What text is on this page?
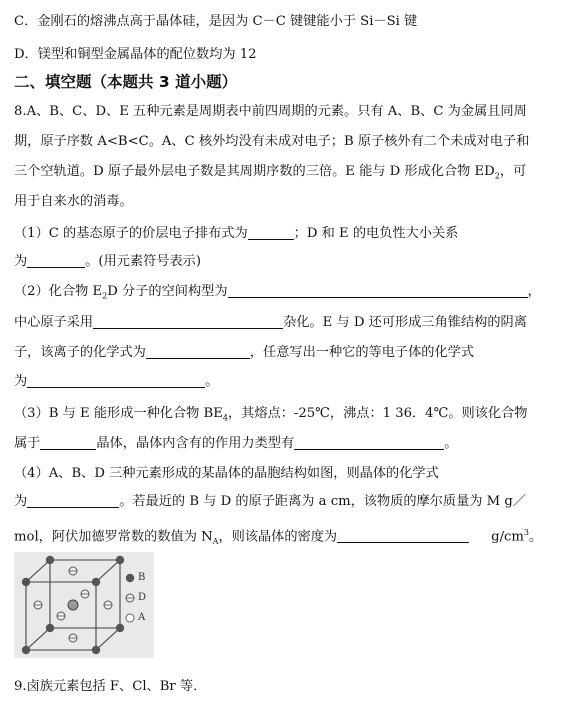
C．金刚石的熔沸点高于晶体硅，是因为 C－C 键键能小于 Si－Si 键
D．镁型和铜型金属晶体的配位数均为 12
二、填空题（本题共 3 道小题）
8.A、B、C、D、E 五种元素是周期表中前四周期的元素。只有 A、B、C 为金属且同周
期，原子序数 A<B<C。A、C 核外均没有未成对电子；B 原子核外有二个未成对电子和
三个空轨道。D 原子最外层电子数是其周期序数的三倍。E 能与 D 形成化合物 $ED_2$，可
用于自来水的消毒。
（1）C 的基态原子的价层电子排布式为	；D 和 E 的电负性大小关系
为	。(用元素符号表示)
（2）化合物 $E_2D$ 分子的空间构型为	，
中心原子采用	杂化。E 与 D 还可形成三角锥结构的阴离
子，该离子的化学式为	，任意写出一种它的等电子体的化学式
为	。
（3）B 与 E 能形成一种化合物 $BE_4$，其熔点：-25℃，沸点：1 36．4℃。则该化合物
属于	晶体，晶体内含有的作用力类型有	。
（4）A、B、D 三种元素形成的某晶体的晶胞结构如图，则晶体的化学式
为	。若最近的 B 与 D 的原子距离为 a cm，该物质的摩尔质量为 M g／
mol，阿伏加德罗常数的数值为 $N_A$，则该晶体的密度为	$g/cm^3$。
B
D
A
9.卤族元素包括 F、Cl、Br 等．
